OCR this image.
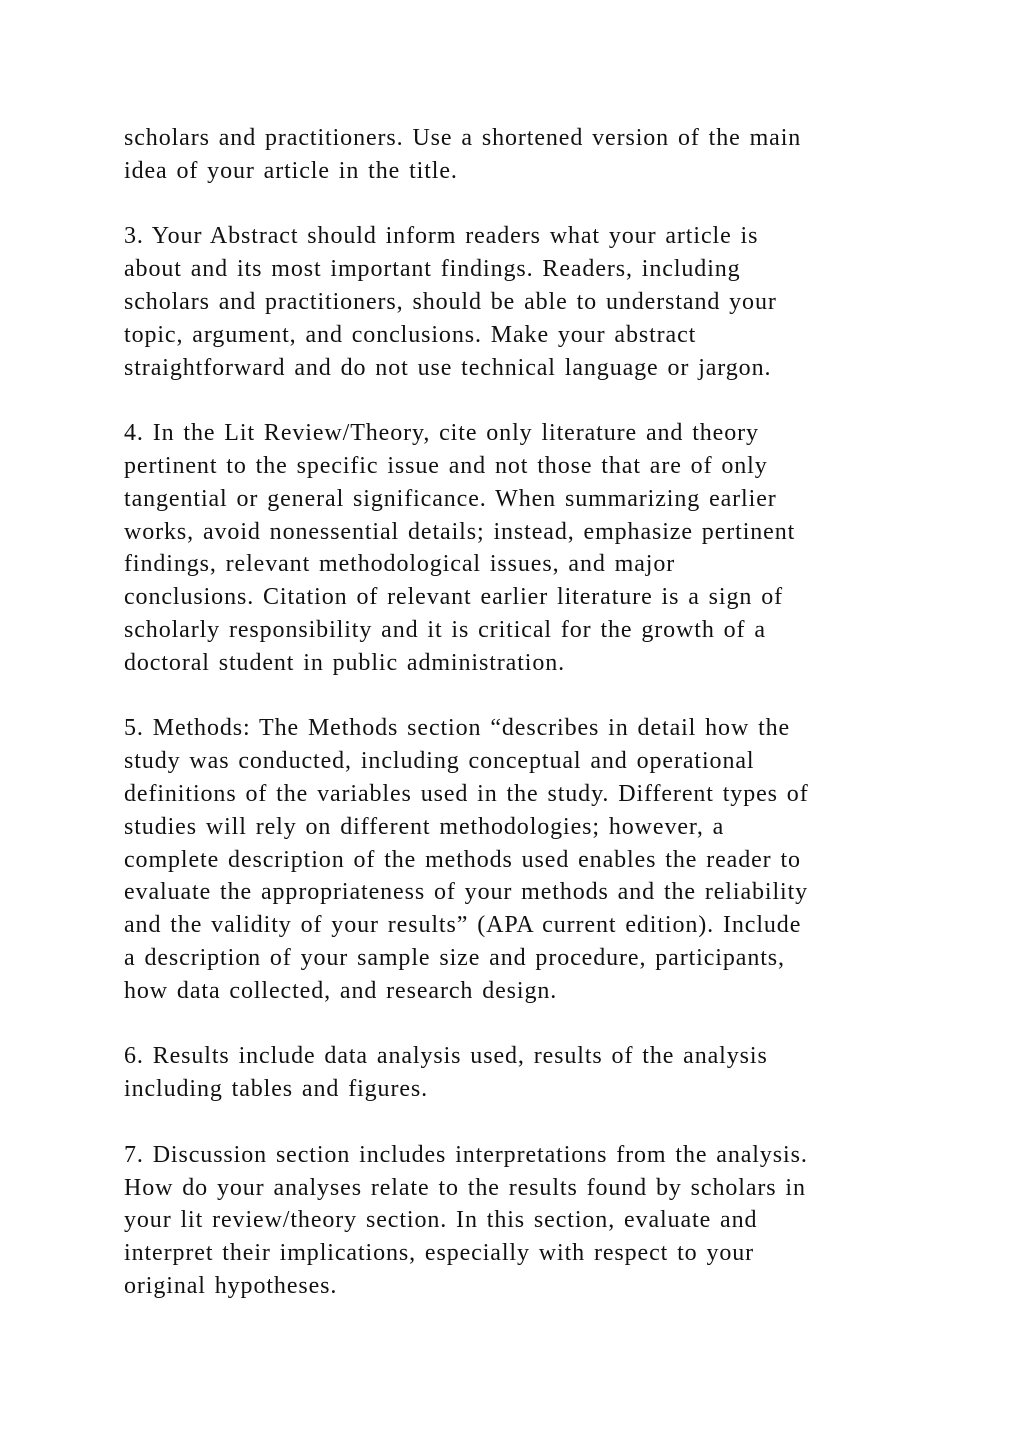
scholars and practitioners. Use a shortened version of the main
idea of your article in the title.

3. Your Abstract should inform readers what your article is
about and its most important findings. Readers, including
scholars and practitioners, should be able to understand your
topic, argument, and conclusions. Make your abstract
straightforward and do not use technical language or jargon.

4. In the Lit Review/Theory, cite only literature and theory
pertinent to the specific issue and not those that are of only
tangential or general significance. When summarizing earlier
works, avoid nonessential details; instead, emphasize pertinent
findings, relevant methodological issues, and major
conclusions. Citation of relevant earlier literature is a sign of
scholarly responsibility and it is critical for the growth of a
doctoral student in public administration.

5. Methods: The Methods section “describes in detail how the
study was conducted, including conceptual and operational
definitions of the variables used in the study. Different types of
studies will rely on different methodologies; however, a
complete description of the methods used enables the reader to
evaluate the appropriateness of your methods and the reliability
and the validity of your results” (APA current edition). Include
a description of your sample size and procedure, participants,
how data collected, and research design.

6. Results include data analysis used, results of the analysis
including tables and figures.

7. Discussion section includes interpretations from the analysis.
How do your analyses relate to the results found by scholars in
your lit review/theory section. In this section, evaluate and
interpret their implications, especially with respect to your
original hypotheses.
